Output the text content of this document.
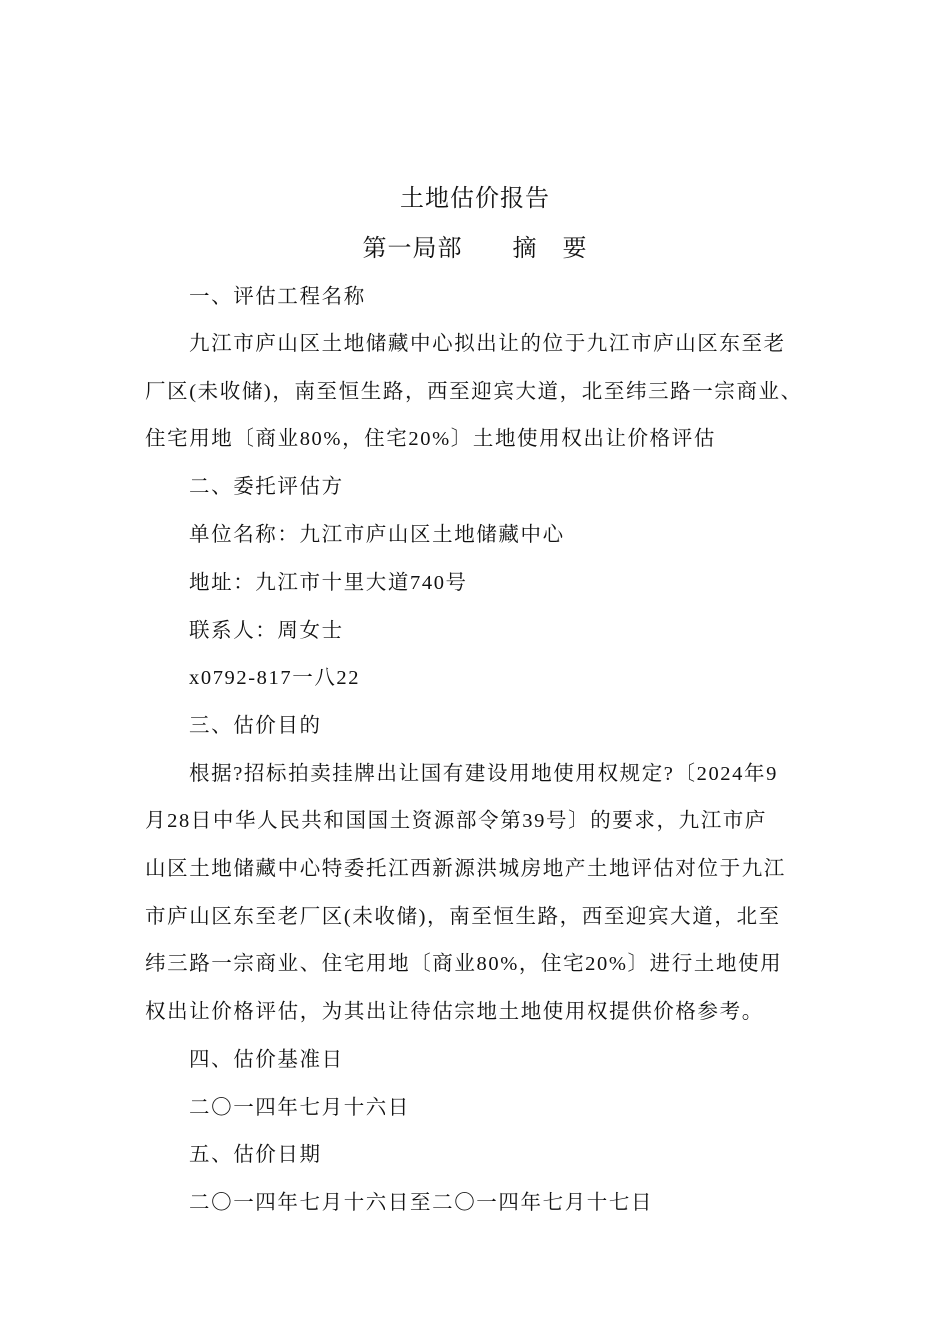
土地估价报告
第一局部　　摘　要
一、评估工程名称
九江市庐山区土地储藏中心拟出让的位于九江市庐山区东至老
厂区(未收储)，南至恒生路，西至迎宾大道，北至纬三路一宗商业、
住宅用地〔商业80%，住宅20%〕土地使用权出让价格评估
二、委托评估方
单位名称：九江市庐山区土地储藏中心
地址：九江市十里大道740号
联系人：周女士
x0792-817一八22
三、估价目的
根据?招标拍卖挂牌出让国有建设用地使用权规定?〔2024年9
月28日中华人民共和国国土资源部令第39号〕的要求，九江市庐
山区土地储藏中心特委托江西新源洪城房地产土地评估对位于九江
市庐山区东至老厂区(未收储)，南至恒生路，西至迎宾大道，北至
纬三路一宗商业、住宅用地〔商业80%，住宅20%〕进行土地使用
权出让价格评估，为其出让待估宗地土地使用权提供价格参考。
四、估价基准日
二〇一四年七月十六日
五、估价日期
二〇一四年七月十六日至二〇一四年七月十七日
